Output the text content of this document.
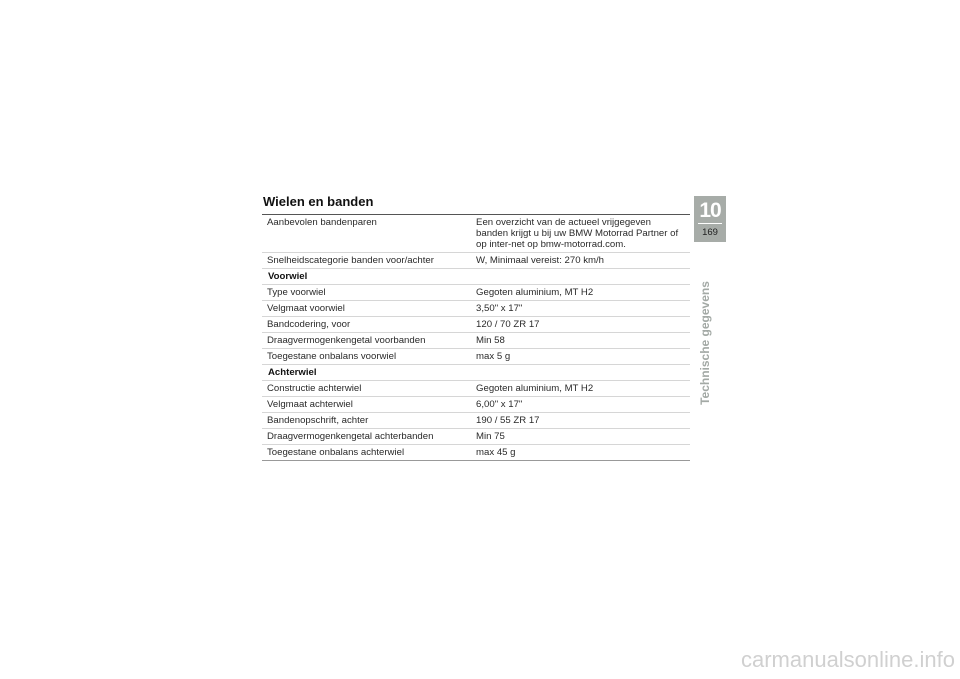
Wielen en banden
Aanbevolen bandenparen	Een overzicht van de actueel vrijgegeven banden krijgt u bij uw BMW Motorrad Partner of op inter-net op bmw-motorrad.com.
Snelheidscategorie banden voor/achter	W, Minimaal vereist: 270 km/h
Voorwiel	
Type voorwiel	Gegoten aluminium, MT H2
Velgmaat voorwiel	3,50" x 17"
Bandcodering, voor	120 / 70 ZR 17
Draagvermogenkengetal voorbanden	Min 58
Toegestane onbalans voorwiel	max 5 g
Achterwiel	
Constructie achterwiel	Gegoten aluminium, MT H2
Velgmaat achterwiel	6,00" x 17"
Bandenopschrift, achter	190 / 55 ZR 17
Draagvermogenkengetal achterbanden	Min 75
Toegestane onbalans achterwiel	max 45 g
10
169
Technische gegevens
carmanualsonline.info
